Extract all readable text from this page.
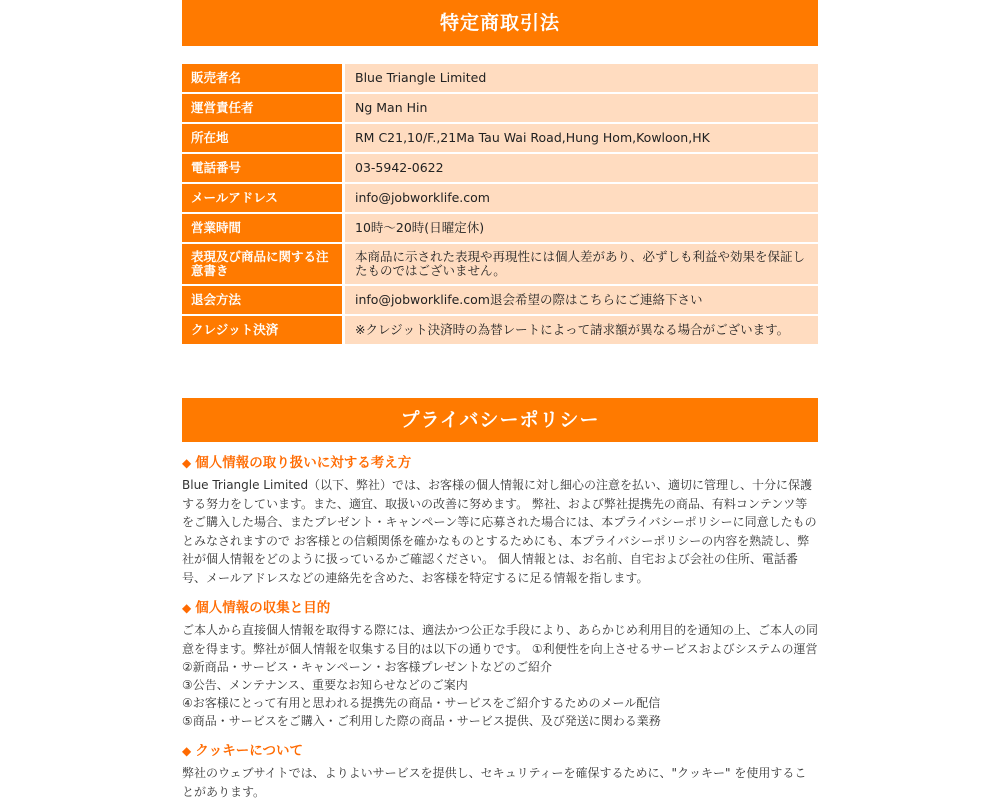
特定商取引法
販売者名	Blue Triangle Limited
運営責任者	Ng Man Hin
所在地	RM C21,10/F.,21Ma Tau Wai Road,Hung Hom,Kowloon,HK
電話番号	03-5942-0622
メールアドレス	info@jobworklife.com
営業時間	10時〜20時(日曜定休)
表現及び商品に関する注意書き	本商品に示された表現や再現性には個人差があり、必ずしも利益や効果を保証したものではございません。
退会方法	info@jobworklife.com退会希望の際はこちらにご連絡下さい
クレジット決済	※クレジット決済時の為替レートによって請求額が異なる場合がございます。
プライバシーポリシー
◆ 個人情報の取り扱いに対する考え方

Blue Triangle Limited（以下、弊社）では、お客様の個人情報に対し細心の注意を払い、適切に管理し、十分に保護する努力をしています。また、適宜、取扱いの改善に努めます。 弊社、および弊社提携先の商品、有料コンテンツ等をご購入した場合、またプレゼント・キャンペーン等に応募された場合には、本プライバシーポリシーに同意したものとみなされますので お客様との信頼関係を確かなものとするためにも、本プライバシーポリシーの内容を熟読し、弊社が個人情報をどのように扱っているかご確認ください。 個人情報とは、お名前、自宅および会社の住所、電話番号、メールアドレスなどの連絡先を含めた、お客様を特定するに足る情報を指します。

◆ 個人情報の収集と目的

ご本人から直接個人情報を取得する際には、適法かつ公正な手段により、あらかじめ利用目的を通知の上、ご本人の同意を得ます。弊社が個人情報を収集する目的は以下の通りです。 ①利便性を向上させるサービスおよびシステムの運営

②新商品・サービス・キャンペーン・お客様プレゼントなどのご紹介
③公告、メンテナンス、重要なお知らせなどのご案内
④お客様にとって有用と思われる提携先の商品・サービスをご紹介するためのメール配信
⑤商品・サービスをご購入・ご利用した際の商品・サービス提供、及び発送に関わる業務
◆ クッキーについて

弊社のウェブサイトでは、よりよいサービスを提供し、セキュリティーを確保するために、"クッキー" を使用することがあります。
